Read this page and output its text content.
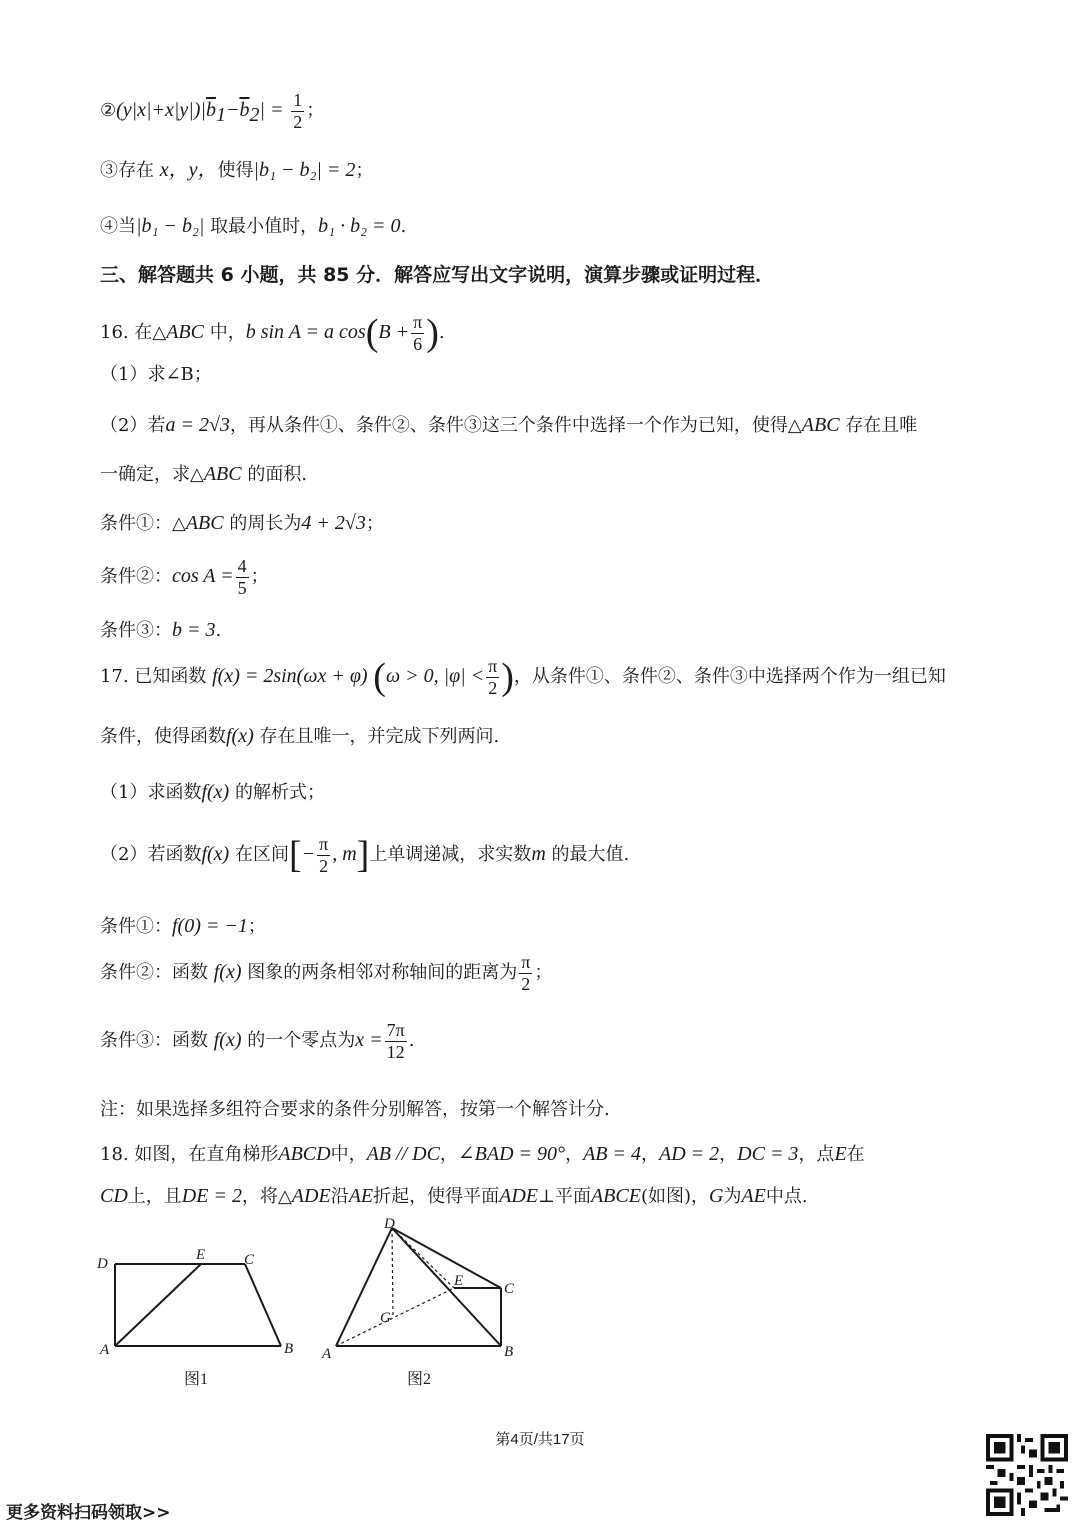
$②(y|x|+x|y|)|\overline{b}_1-\overline{b}_2| = \frac{1}{2}$ ；
③存在 x，y，使得|b₁ − b₂| = 2；
④当|b₁ − b₂| 取最小值时，b₁ · b₂ = 0.
三、解答题共 6 小题，共 85 分．解答应写出文字说明，演算步骤或证明过程．
16. 在△ABC 中，b sin A = a $\cos(B + \frac{\pi}{6}$ ).
（1）求∠B；
（2）若a = 2√3，再从条件①、条件②、条件③这三个条件中选择一个作为已知，使得△ABC 存在且唯
一确定，求△ABC 的面积.
条件①：△ABC 的周长为4 + 2√3；
条件②：$\cos A = \frac{4}{5}$ ；
条件③：b = 3.
17. 已知函数 f(x) = 2sin(ωx + φ) (ω > 0, $|\varphi| < \frac{\pi}{2}$ )，从条件①、条件②、条件③中选择两个作为一组已知
条件，使得函数f(x) 存在且唯一，并完成下列两问.
（1）求函数f(x) 的解析式；
（2）若函数f(x) 在区间[− $\frac{\pi}{2}$ , m]上单调递减，求实数m 的最大值.
条件①：f(0) = −1；
条件②：函数 f(x) 图象的两条相邻对称轴间的距离为 $\frac{\pi}{2}$ ；
条件③：函数 f(x) 的一个零点为$x = \frac{7\pi}{12}$ .
注：如果选择多组符合要求的条件分别解答，按第一个解答计分.
18. 如图，在直角梯形ABCD中，AB // DC，∠BAD = 90°，AB = 4，AD = 2，DC = 3，点E在
CD上，且DE = 2，将△ADE沿AE折起，使得平面ADE⊥平面ABCE(如图)，G为AE中点.
D
E	C
A	B
图1
D
E	C
G
A	B
图2
第4页/共17页
更多资料扫码领取>>
